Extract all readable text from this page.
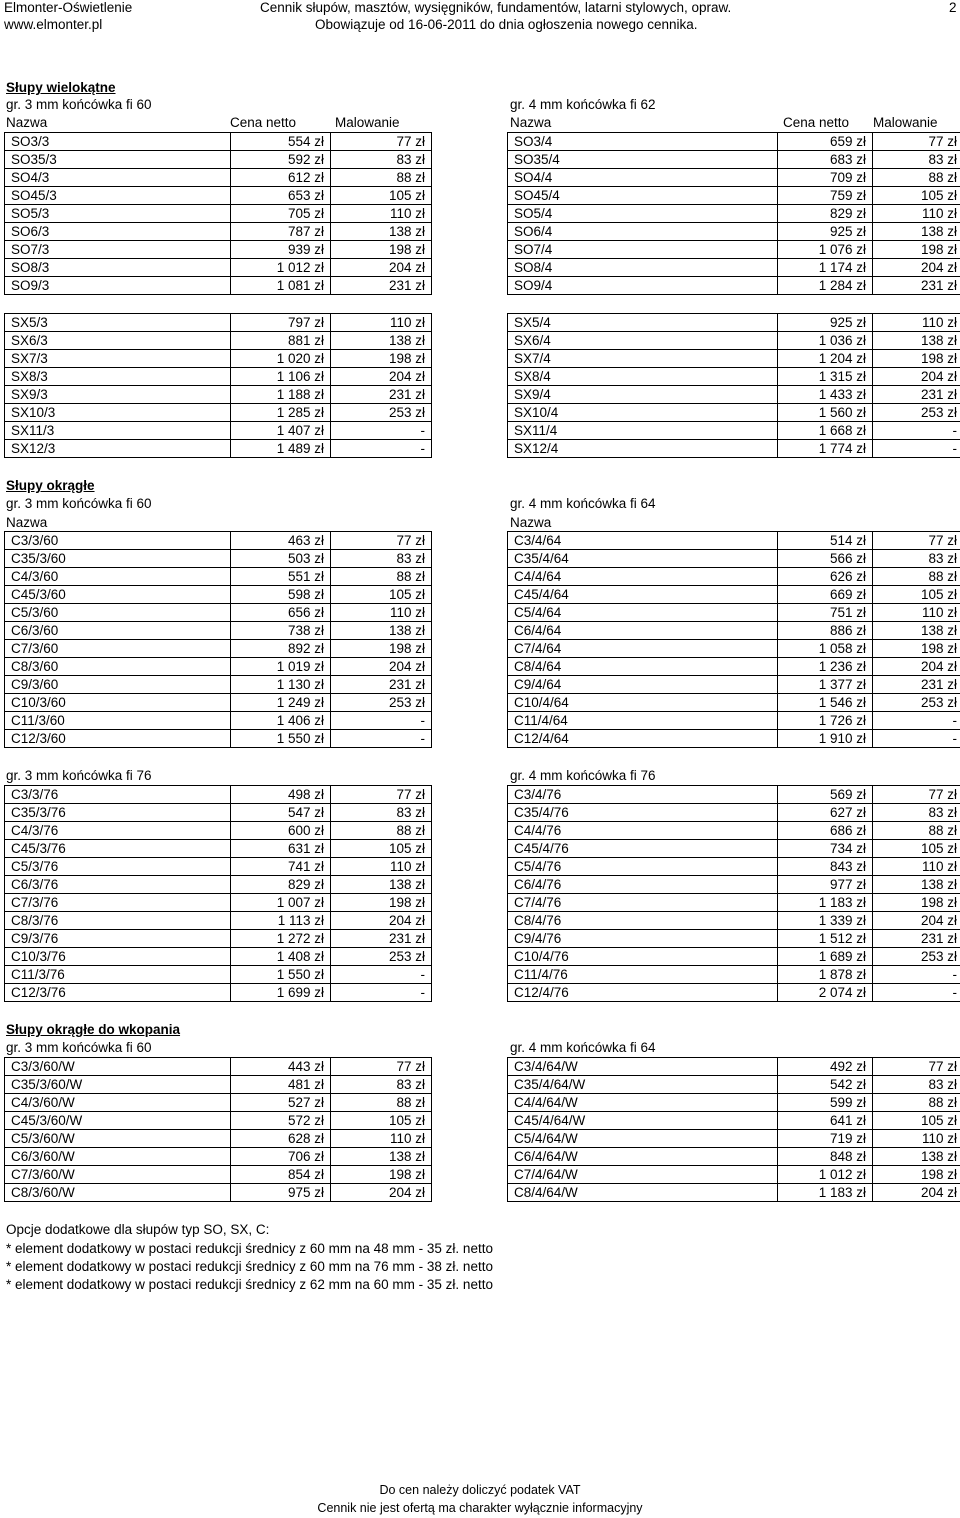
Elmonter-Oświetlenie
www.elmonter.pl
Cennik słupów, masztów, wysięgników, fundamentów, latarni stylowych, opraw.
Obowiązuje od 16-06-2011 do dnia ogłoszenia nowego cennika.
2
Słupy wielokątne
gr. 3 mm końcówka fi 60	gr. 4 mm końcówka fi 62
Nazwa	Cena netto	Malowanie	Nazwa	Cena netto Malowanie
SO3/3	554 zł	77 zł
SO35/3	592 zł	83 zł
SO4/3	612 zł	88 zł
SO45/3	653 zł	105 zł
SO5/3	705 zł	110 zł
SO6/3	787 zł	138 zł
SO7/3	939 zł	198 zł
SO8/3	1 012 zł	204 zł
SO9/3	1 081 zł	231 zł
SO3/4	659 zł	77 zł
SO35/4	683 zł	83 zł
SO4/4	709 zł	88 zł
SO45/4	759 zł	105 zł
SO5/4	829 zł	110 zł
SO6/4	925 zł	138 zł
SO7/4	1 076 zł	198 zł
SO8/4	1 174 zł	204 zł
SO9/4	1 284 zł	231 zł
SX5/3	797 zł	110 zł
SX6/3	881 zł	138 zł
SX7/3	1 020 zł	198 zł
SX8/3	1 106 zł	204 zł
SX9/3	1 188 zł	231 zł
SX10/3	1 285 zł	253 zł
SX11/3	1 407 zł	-
SX12/3	1 489 zł	-
SX5/4	925 zł	110 zł
SX6/4	1 036 zł	138 zł
SX7/4	1 204 zł	198 zł
SX8/4	1 315 zł	204 zł
SX9/4	1 433 zł	231 zł
SX10/4	1 560 zł	253 zł
SX11/4	1 668 zł	-
SX12/4	1 774 zł	-
Słupy okrągłe
gr. 3 mm końcówka fi 60	gr. 4 mm końcówka fi 64
Nazwa	Nazwa
C3/3/60	463 zł	77 zł
C35/3/60	503 zł	83 zł
C4/3/60	551 zł	88 zł
C45/3/60	598 zł	105 zł
C5/3/60	656 zł	110 zł
C6/3/60	738 zł	138 zł
C7/3/60	892 zł	198 zł
C8/3/60	1 019 zł	204 zł
C9/3/60	1 130 zł	231 zł
C10/3/60	1 249 zł	253 zł
C11/3/60	1 406 zł	-
C12/3/60	1 550 zł	-
C3/4/64	514 zł	77 zł
C35/4/64	566 zł	83 zł
C4/4/64	626 zł	88 zł
C45/4/64	669 zł	105 zł
C5/4/64	751 zł	110 zł
C6/4/64	886 zł	138 zł
C7/4/64	1 058 zł	198 zł
C8/4/64	1 236 zł	204 zł
C9/4/64	1 377 zł	231 zł
C10/4/64	1 546 zł	253 zł
C11/4/64	1 726 zł	-
C12/4/64	1 910 zł	-
gr. 3 mm końcówka fi 76	gr. 4 mm końcówka fi 76
C3/3/76	498 zł	77 zł
C35/3/76	547 zł	83 zł
C4/3/76	600 zł	88 zł
C45/3/76	631 zł	105 zł
C5/3/76	741 zł	110 zł
C6/3/76	829 zł	138 zł
C7/3/76	1 007 zł	198 zł
C8/3/76	1 113 zł	204 zł
C9/3/76	1 272 zł	231 zł
C10/3/76	1 408 zł	253 zł
C11/3/76	1 550 zł	-
C12/3/76	1 699 zł	-
C3/4/76	569 zł	77 zł
C35/4/76	627 zł	83 zł
C4/4/76	686 zł	88 zł
C45/4/76	734 zł	105 zł
C5/4/76	843 zł	110 zł
C6/4/76	977 zł	138 zł
C7/4/76	1 183 zł	198 zł
C8/4/76	1 339 zł	204 zł
C9/4/76	1 512 zł	231 zł
C10/4/76	1 689 zł	253 zł
C11/4/76	1 878 zł	-
C12/4/76	2 074 zł	-
Słupy okrągłe do wkopania
gr. 3 mm końcówka fi 60	gr. 4 mm końcówka fi 64
C3/3/60/W	443 zł	77 zł
C35/3/60/W	481 zł	83 zł
C4/3/60/W	527 zł	88 zł
C45/3/60/W	572 zł	105 zł
C5/3/60/W	628 zł	110 zł
C6/3/60/W	706 zł	138 zł
C7/3/60/W	854 zł	198 zł
C8/3/60/W	975 zł	204 zł
C3/4/64/W	492 zł	77 zł
C35/4/64/W	542 zł	83 zł
C4/4/64/W	599 zł	88 zł
C45/4/64/W	641 zł	105 zł
C5/4/64/W	719 zł	110 zł
C6/4/64/W	848 zł	138 zł
C7/4/64/W	1 012 zł	198 zł
C8/4/64/W	1 183 zł	204 zł
Opcje dodatkowe dla słupów typ SO, SX, C:
* element dodatkowy w postaci redukcji średnicy z 60 mm na 48 mm - 35 zł. netto
* element dodatkowy w postaci redukcji średnicy z 60 mm na 76 mm - 38 zł. netto
* element dodatkowy w postaci redukcji średnicy z 62 mm na 60 mm - 35 zł. netto
Do cen należy doliczyć podatek VAT
Cennik nie jest ofertą ma charakter wyłącznie informacyjny
